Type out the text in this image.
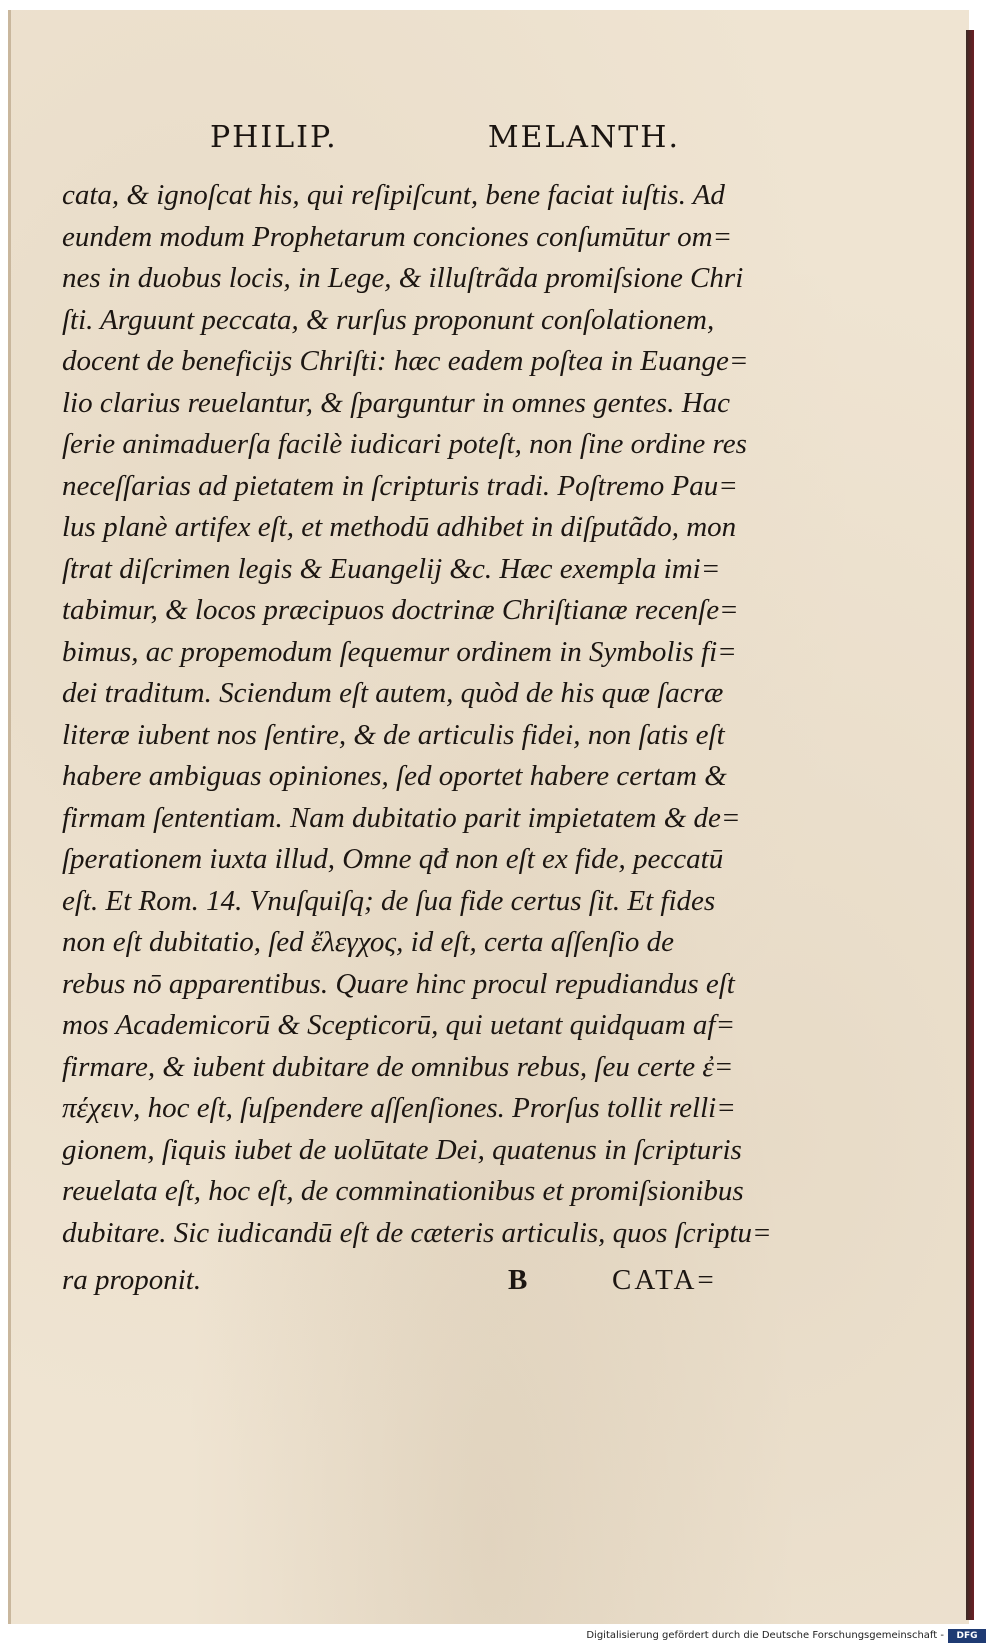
PHILIP.	MELANTH.
cata, & ignoſcat his, qui reſipiſcunt, bene faciat iuſtis. Ad
eundem modum Prophetarum conciones conſumūtur om=
nes in duobus locis, in Lege, & illuſtrãda promiſsione Chri
ſti. Arguunt peccata, & rurſus proponunt conſolationem,
docent de beneficijs Chriſti: hæc eadem poſtea in Euange=
lio clarius reuelantur, & ſparguntur in omnes gentes. Hac
ſerie animaduerſa facilè iudicari poteſt, non ſine ordine res
neceſſarias ad pietatem in ſcripturis tradi. Poſtremo Pau=
lus planè artifex eſt, et methodū adhibet in diſputãdo, mon
ſtrat diſcrimen legis & Euangelij &c. Hæc exempla imi=
tabimur, & locos præcipuos doctrinæ Chriſtianæ recenſe=
bimus, ac propemodum ſequemur ordinem in Symbolis fi=
dei traditum. Sciendum eſt autem, quòd de his quæ ſacræ
literæ iubent nos ſentire, & de articulis fidei, non ſatis eſt
habere ambiguas opiniones, ſed oportet habere certam &
firmam ſententiam. Nam dubitatio parit impietatem & de=
ſperationem iuxta illud, Omne qđ non eſt ex fide, peccatū
eſt. Et Rom. 14. Vnuſquiſq; de ſua fide certus ſit. Et fides
non eſt dubitatio, ſed ἔλεγχος, id eſt, certa aſſenſio de
rebus nō apparentibus. Quare hinc procul repudiandus eſt
mos Academicorū & Scepticorū, qui uetant quidquam af=
firmare, & iubent dubitare de omnibus rebus, ſeu certe ἐ=
πέχειν, hoc eſt, ſuſpendere aſſenſiones. Prorſus tollit relli=
gionem, ſiquis iubet de uolūtate Dei, quatenus in ſcripturis
reuelata eſt, hoc eſt, de comminationibus et promiſsionibus
dubitare. Sic iudicandū eſt de cæteris articulis, quos ſcriptu=
ra proponit.	B	CATA=
Digitalisierung gefördert durch die Deutsche Forschungsgemeinschaft -	DFG
